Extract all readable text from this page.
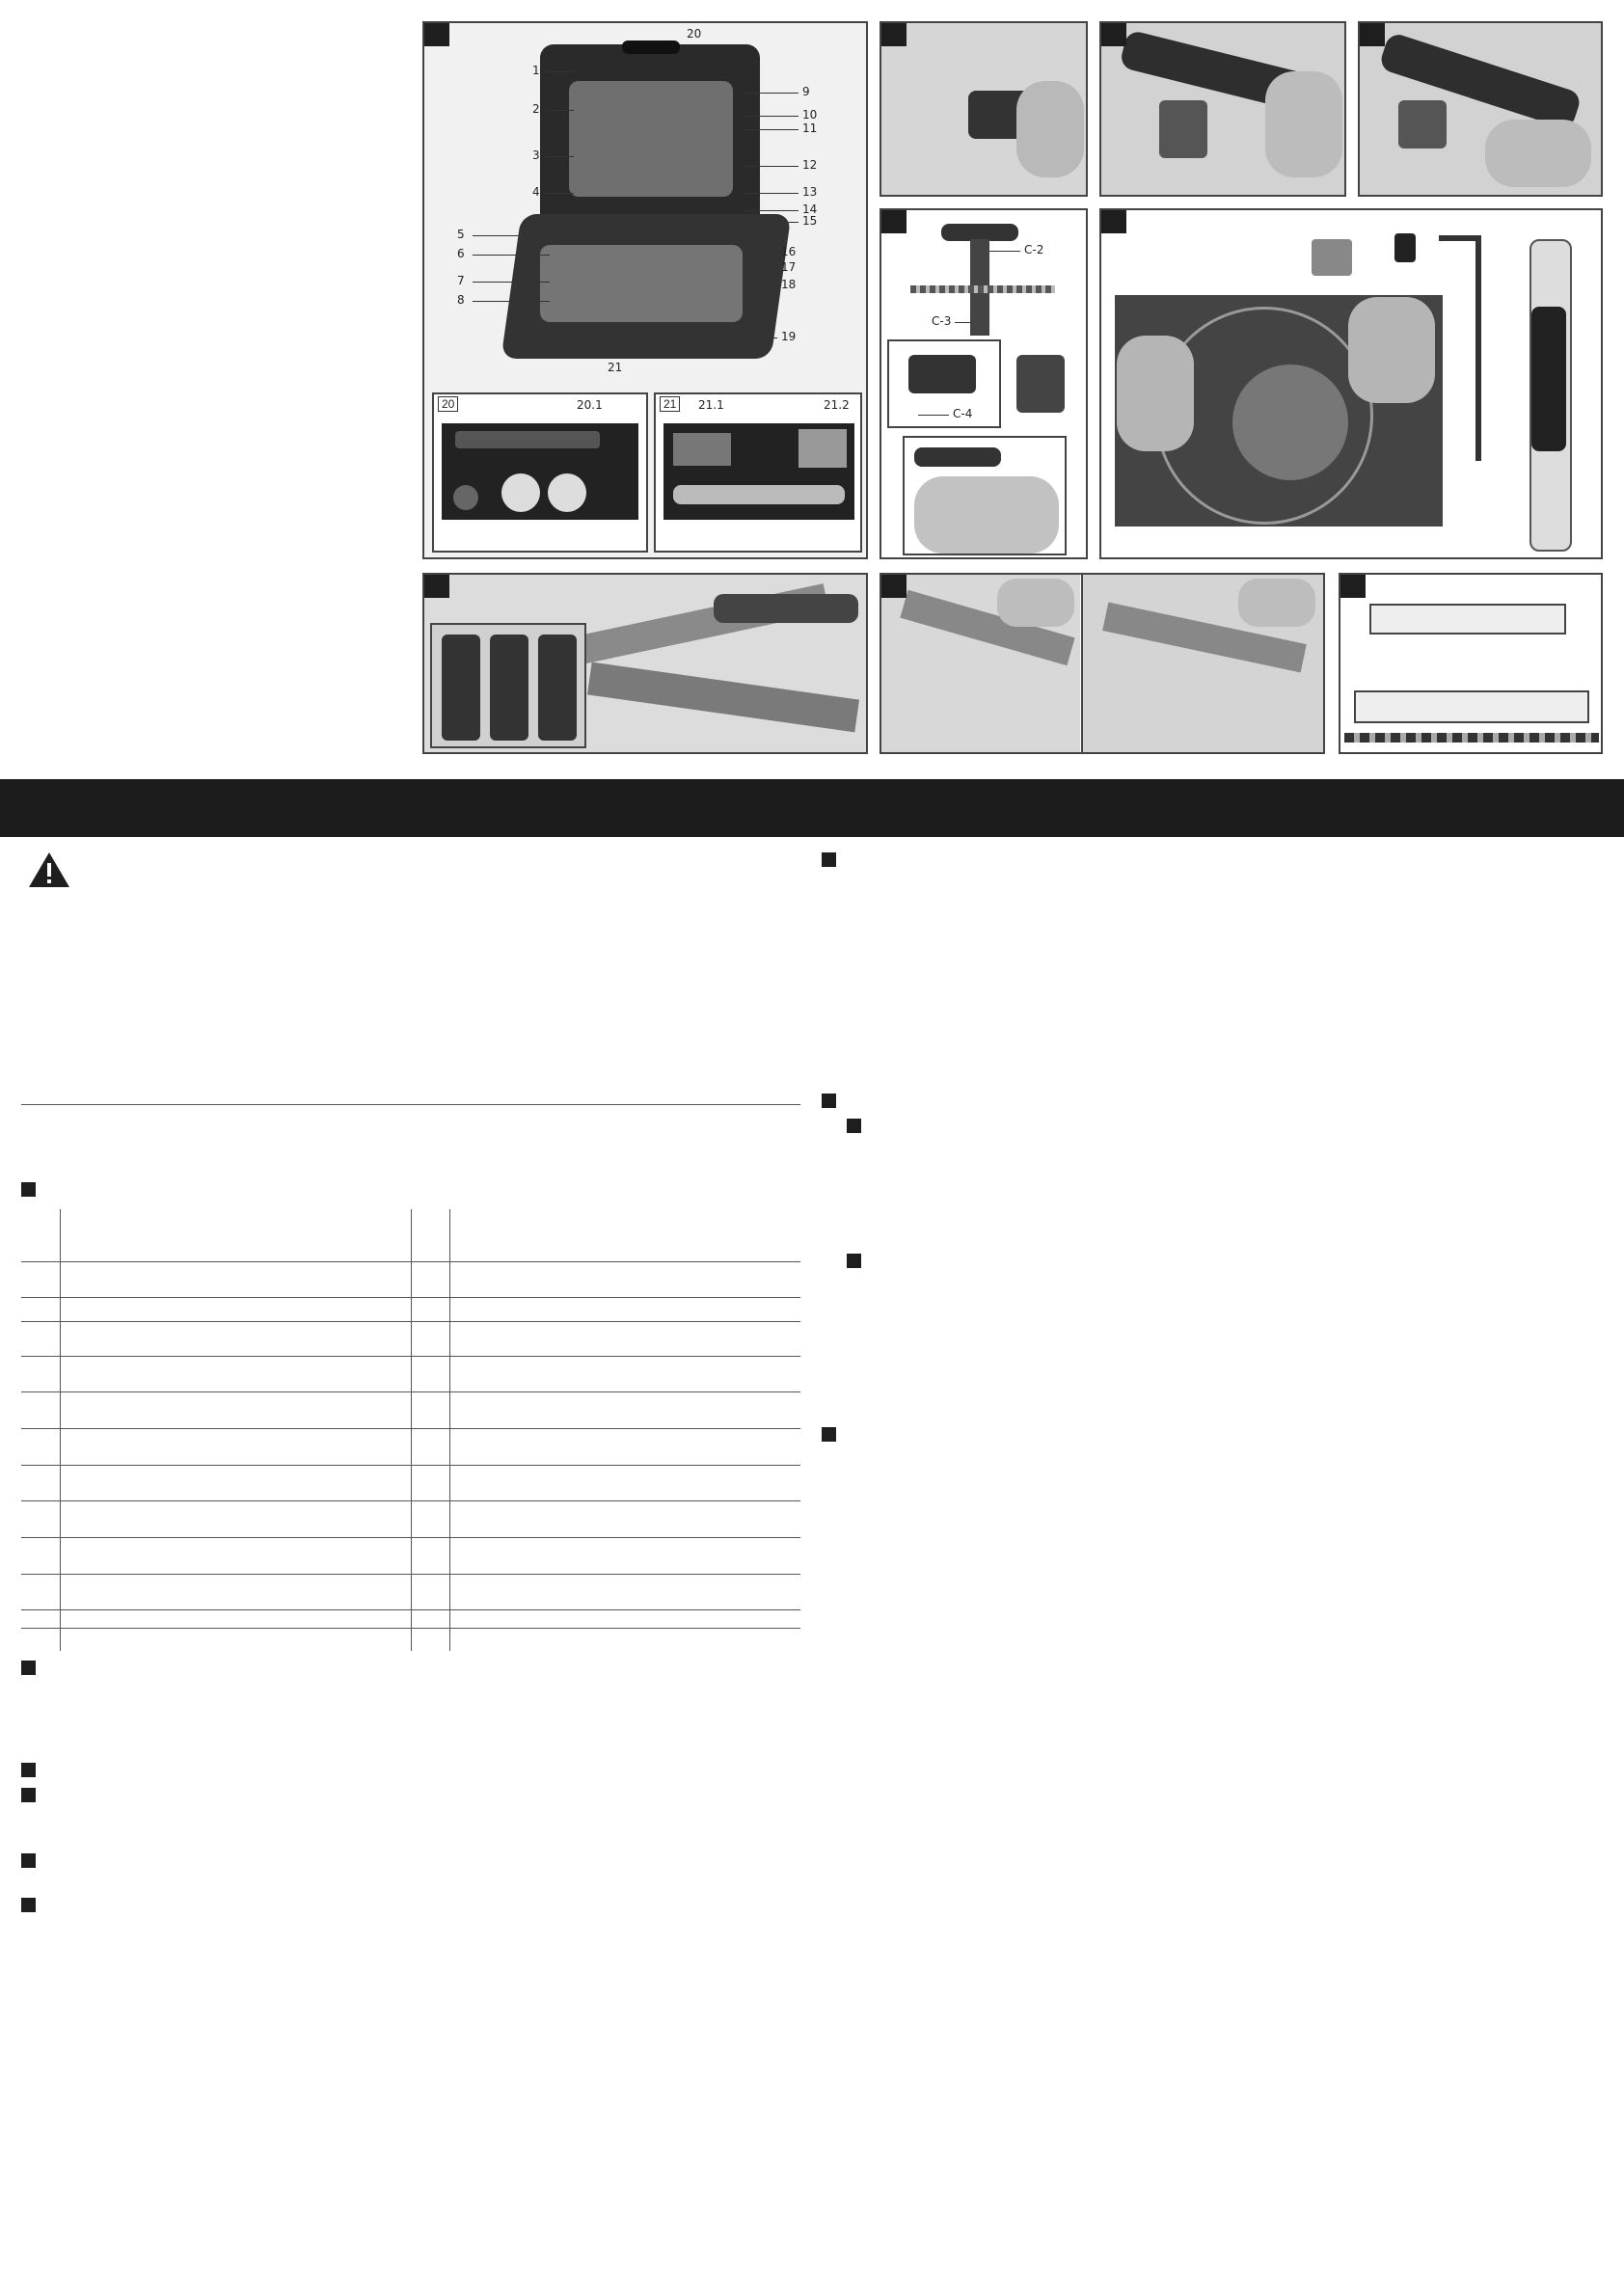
20
1
2
3
4
5
6
7
8
9
10
11
12
13
14
15
16
17
18
19
21
20	20.1	21	21.1	21.2
C-2
C-3
C-4
